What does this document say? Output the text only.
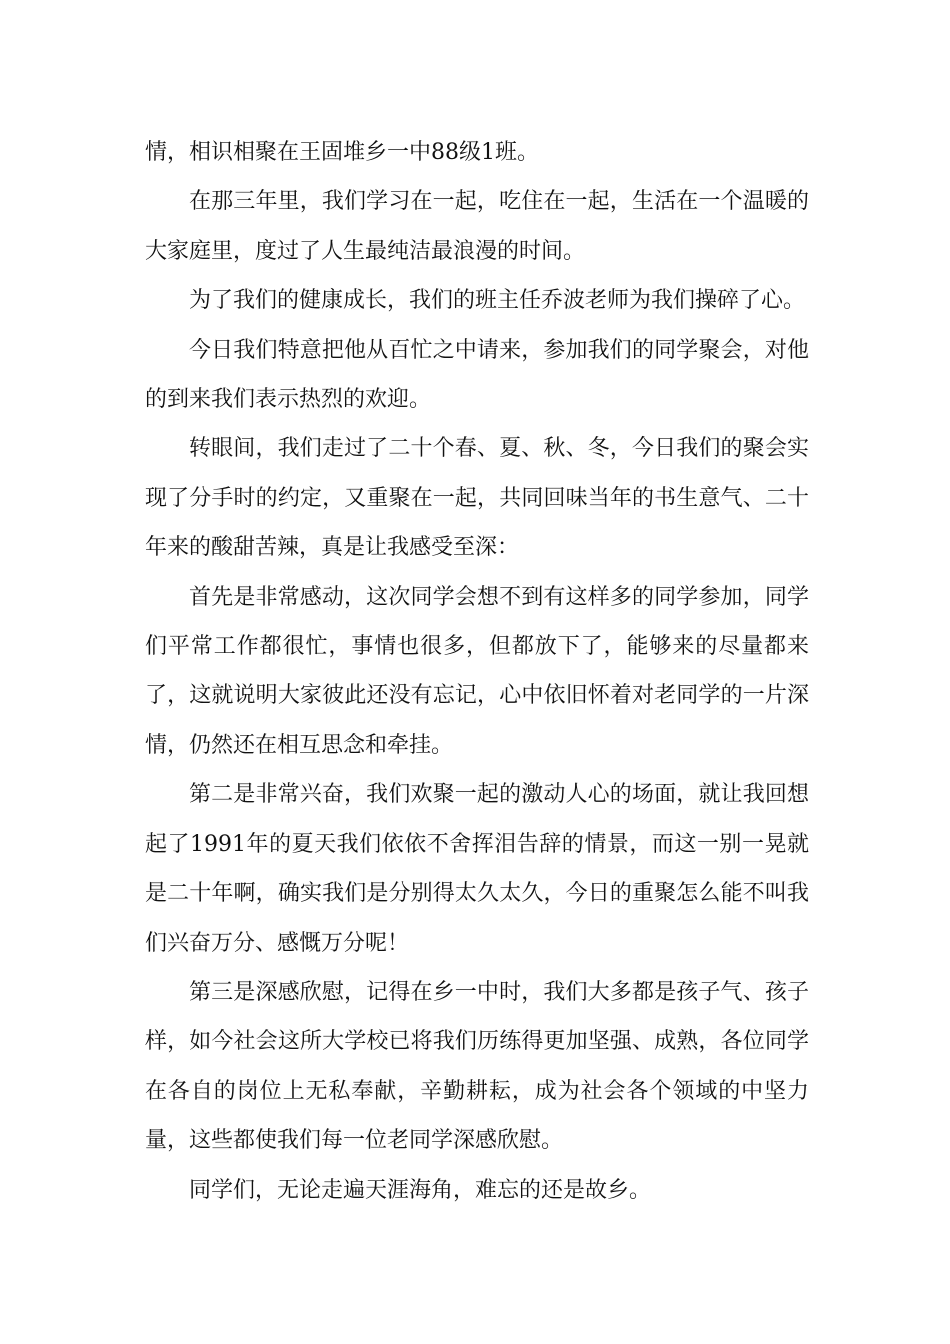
情，相识相聚在王固堆乡一中88级1班。

在那三年里，我们学习在一起，吃住在一起，生活在一个温暖的大家庭里，度过了人生最纯洁最浪漫的时间。

为了我们的健康成长，我们的班主任乔波老师为我们操碎了心。

今日我们特意把他从百忙之中请来，参加我们的同学聚会，对他的到来我们表示热烈的欢迎。

转眼间，我们走过了二十个春、夏、秋、冬，今日我们的聚会实现了分手时的约定，又重聚在一起，共同回味当年的书生意气、二十年来的酸甜苦辣，真是让我感受至深：

首先是非常感动，这次同学会想不到有这样多的同学参加，同学们平常工作都很忙，事情也很多，但都放下了，能够来的尽量都来了，这就说明大家彼此还没有忘记，心中依旧怀着对老同学的一片深情，仍然还在相互思念和牵挂。

第二是非常兴奋，我们欢聚一起的激动人心的场面，就让我回想起了1991年的夏天我们依依不舍挥泪告辞的情景，而这一别一晃就是二十年啊，确实我们是分别得太久太久，今日的重聚怎么能不叫我们兴奋万分、感慨万分呢！

第三是深感欣慰，记得在乡一中时，我们大多都是孩子气、孩子样，如今社会这所大学校已将我们历练得更加坚强、成熟，各位同学在各自的岗位上无私奉献，辛勤耕耘，成为社会各个领域的中坚力量，这些都使我们每一位老同学深感欣慰。

同学们，无论走遍天涯海角，难忘的还是故乡。
